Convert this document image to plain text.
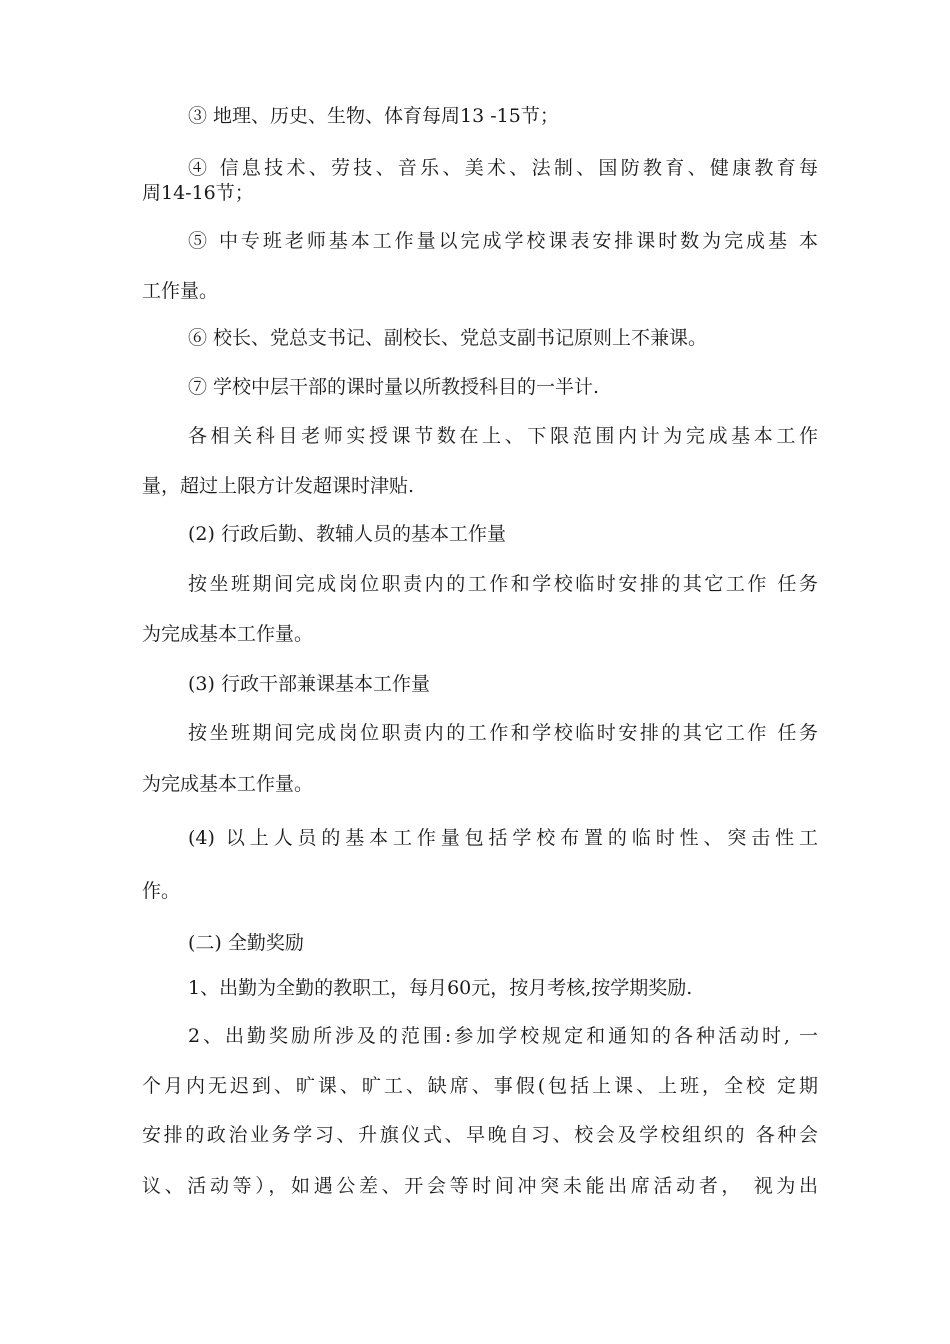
③ 地理、历史、生物、体育每周13 -15节；
④ 信息技术、劳技、音乐、美术、法制、国防教育、健康教育每
周14-16节；
⑤ 中专班老师基本工作量以完成学校课表安排课时数为完成基 本
工作量。
⑥ 校长、党总支书记、副校长、党总支副书记原则上不兼课。
⑦ 学校中层干部的课时量以所教授科目的一半计.
各相关科目老师实授课节数在上、下限范围内计为完成基本工作
量，超过上限方计发超课时津贴.
(2) 行政后勤、教辅人员的基本工作量
按坐班期间完成岗位职责内的工作和学校临时安排的其它工作 任务
为完成基本工作量。
(3) 行政干部兼课基本工作量
按坐班期间完成岗位职责内的工作和学校临时安排的其它工作 任务
为完成基本工作量。
(4) 以上人员的基本工作量包括学校布置的临时性、突击性工
作。
(二) 全勤奖励
1、出勤为全勤的教职工，每月60元，按月考核,按学期奖励.
2、出勤奖励所涉及的范围:参加学校规定和通知的各种活动时, 一
个月内无迟到、旷课、旷工、缺席、事假(包括上课、上班，全校 定期
安排的政治业务学习、升旗仪式、早晚自习、校会及学校组织的 各种会
议、活动等），如遇公差、开会等时间冲突未能出席活动者， 视为出
